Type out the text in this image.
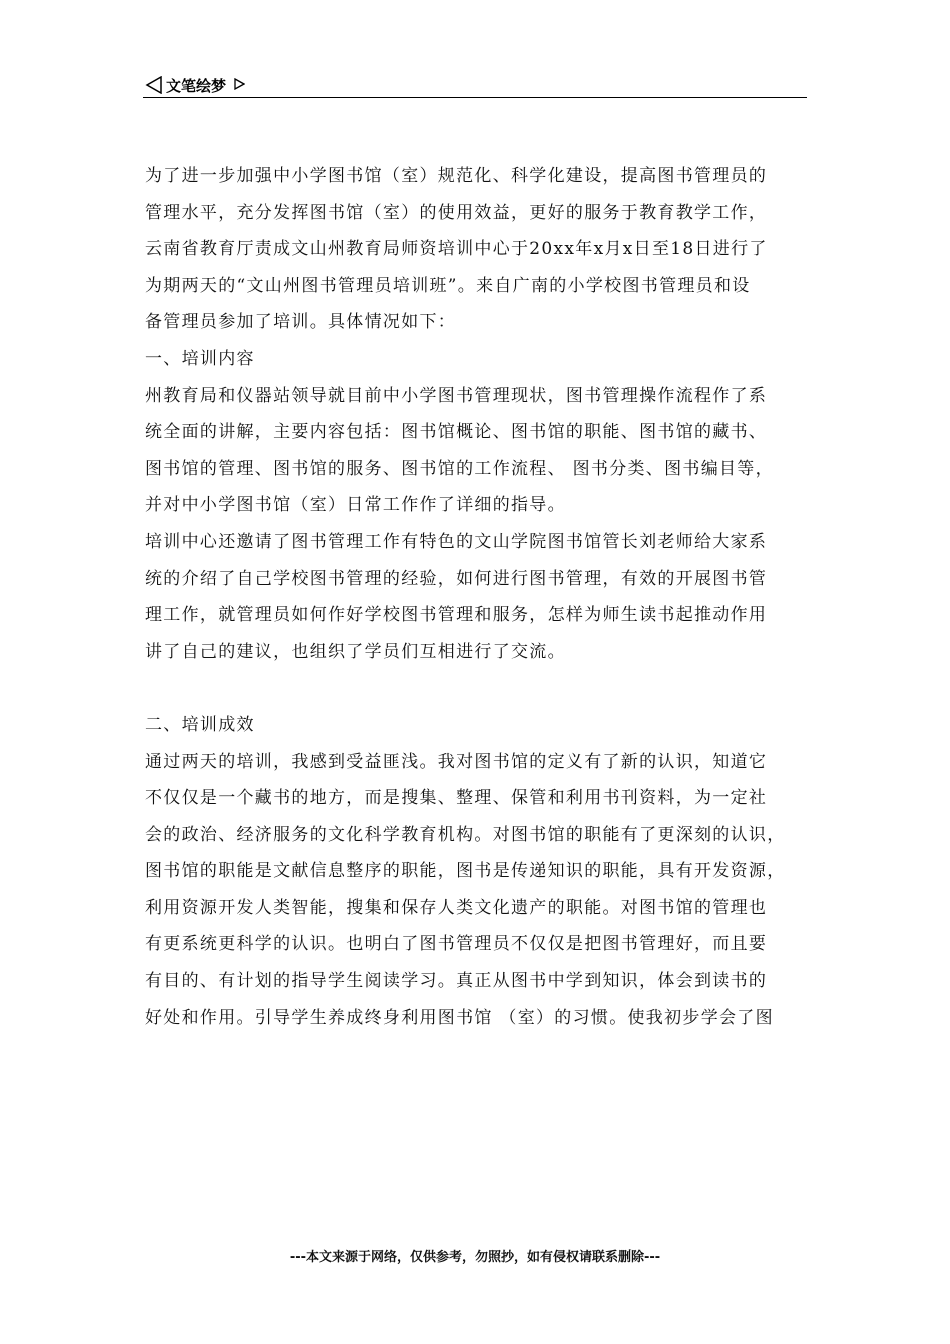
文笔绘梦

为了进一步加强中小学图书馆（室）规范化、科学化建设，提高图书管理员的

管理水平，充分发挥图书馆（室）的使用效益，更好的服务于教育教学工作，

云南省教育厅责成文山州教育局师资培训中心于20xx年x月x日至18日进行了

为期两天的“文山州图书管理员培训班”。来自广南的小学校图书管理员和设

备管理员参加了培训。具体情况如下：

一、培训内容

州教育局和仪器站领导就目前中小学图书管理现状，图书管理操作流程作了系

统全面的讲解，主要内容包括：图书馆概论、图书馆的职能、图书馆的藏书、

图书馆的管理、图书馆的服务、图书馆的工作流程、 图书分类、图书编目等，

并对中小学图书馆（室）日常工作作了详细的指导。

培训中心还邀请了图书管理工作有特色的文山学院图书馆管长刘老师给大家系

统的介绍了自己学校图书管理的经验，如何进行图书管理，有效的开展图书管

理工作，就管理员如何作好学校图书管理和服务，怎样为师生读书起推动作用

讲了自己的建议，也组织了学员们互相进行了交流。

二、培训成效

通过两天的培训，我感到受益匪浅。我对图书馆的定义有了新的认识，知道它

不仅仅是一个藏书的地方，而是搜集、整理、保管和利用书刊资料，为一定社

会的政治、经济服务的文化科学教育机构。对图书馆的职能有了更深刻的认识，

图书馆的职能是文献信息整序的职能，图书是传递知识的职能，具有开发资源，

利用资源开发人类智能，搜集和保存人类文化遗产的职能。对图书馆的管理也

有更系统更科学的认识。也明白了图书管理员不仅仅是把图书管理好，而且要

有目的、有计划的指导学生阅读学习。真正从图书中学到知识，体会到读书的

好处和作用。引导学生养成终身利用图书馆 （室）的习惯。使我初步学会了图

---本文来源于网络，仅供参考，勿照抄，如有侵权请联系删除---
